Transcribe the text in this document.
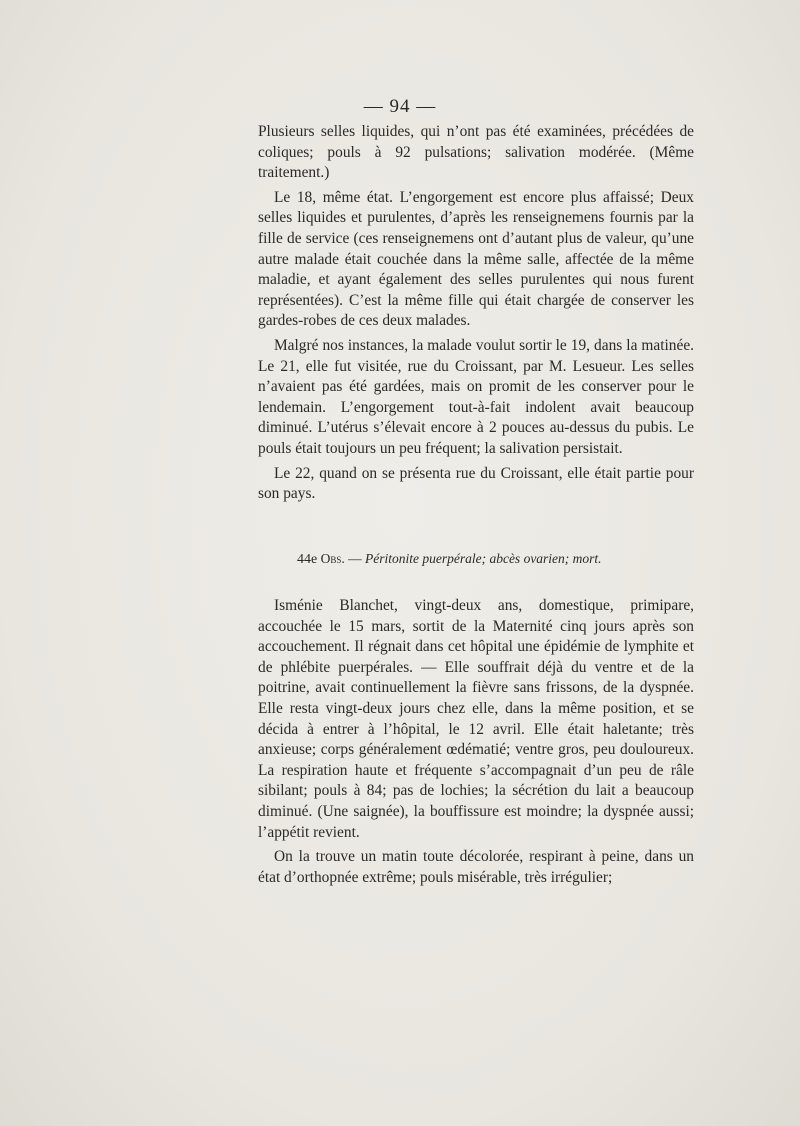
— 94 —

Plusieurs selles liquides, qui n’ont pas été examinées, précédées de coliques; pouls à 92 pulsations; salivation modérée. (Même traitement.)

Le 18, même état. L’engorgement est encore plus affaissé; Deux selles liquides et purulentes, d’après les renseignemens fournis par la fille de service (ces renseignemens ont d’autant plus de valeur, qu’une autre malade était couchée dans la même salle, affectée de la même maladie, et ayant également des selles purulentes qui nous furent représentées). C’est la même fille qui était chargée de conserver les gardes-robes de ces deux malades.

Malgré nos instances, la malade voulut sortir le 19, dans la matinée. Le 21, elle fut visitée, rue du Croissant, par M. Lesueur. Les selles n’avaient pas été gardées, mais on promit de les conserver pour le lendemain. L’engorgement tout-à-fait indolent avait beaucoup diminué. L’utérus s’élevait encore à 2 pouces au-dessus du pubis. Le pouls était toujours un peu fréquent; la salivation persistait.

Le 22, quand on se présenta rue du Croissant, elle était partie pour son pays.

44e Obs. — Péritonite puerpérale; abcès ovarien; mort.

Isménie Blanchet, vingt-deux ans, domestique, primipare, accouchée le 15 mars, sortit de la Maternité cinq jours après son accouchement. Il régnait dans cet hôpital une épidémie de lymphite et de phlébite puerpérales. — Elle souffrait déjà du ventre et de la poitrine, avait continuellement la fièvre sans frissons, de la dyspnée. Elle resta vingt-deux jours chez elle, dans la même position, et se décida à entrer à l’hôpital, le 12 avril. Elle était haletante; très anxieuse; corps généralement œdématié; ventre gros, peu douloureux. La respiration haute et fréquente s’accompagnait d’un peu de râle sibilant; pouls à 84; pas de lochies; la sécrétion du lait a beaucoup diminué. (Une saignée), la bouffissure est moindre; la dyspnée aussi; l’appétit revient.

On la trouve un matin toute décolorée, respirant à peine, dans un état d’orthopnée extrême; pouls misérable, très irrégulier;
